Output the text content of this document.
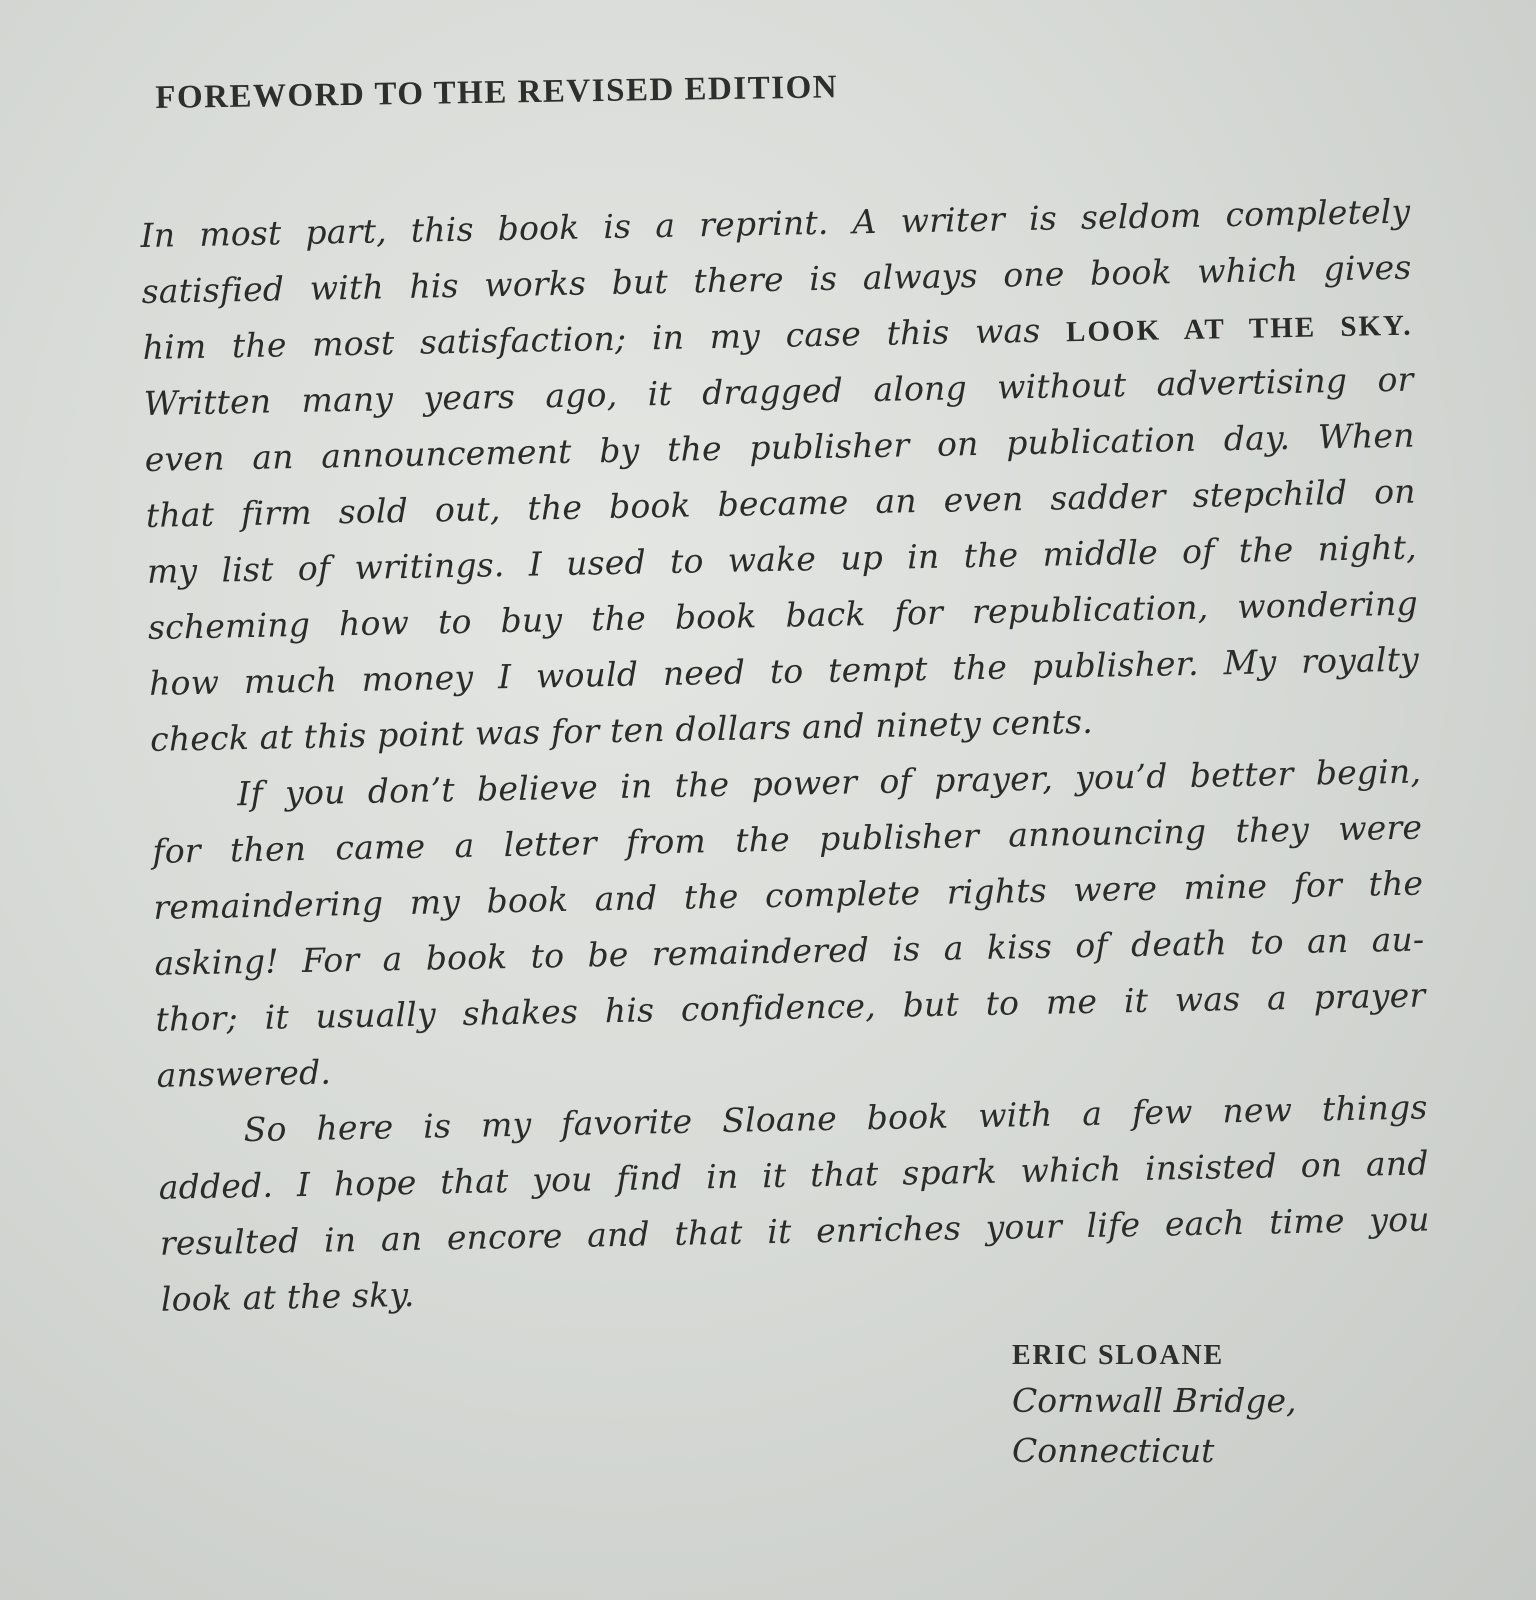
FOREWORD TO THE REVISED EDITION
In most part, this book is a reprint. A writer is seldom completely
satisfied with his works but there is always one book which gives
him the most satisfaction; in my case this was LOOK AT THE SKY.
Written many years ago, it dragged along without advertising or
even an announcement by the publisher on publication day. When
that firm sold out, the book became an even sadder stepchild on
my list of writings. I used to wake up in the middle of the night,
scheming how to buy the book back for republication, wondering
how much money I would need to tempt the publisher. My royalty
check at this point was for ten dollars and ninety cents.
If you don’t believe in the power of prayer, you’d better begin,
for then came a letter from the publisher announcing they were
remaindering my book and the complete rights were mine for the
asking! For a book to be remaindered is a kiss of death to an au-
thor; it usually shakes his confidence, but to me it was a prayer
answered.
So here is my favorite Sloane book with a few new things
added. I hope that you find in it that spark which insisted on and
resulted in an encore and that it enriches your life each time you
look at the sky.
ERIC SLOANE
Cornwall Bridge,
Connecticut
